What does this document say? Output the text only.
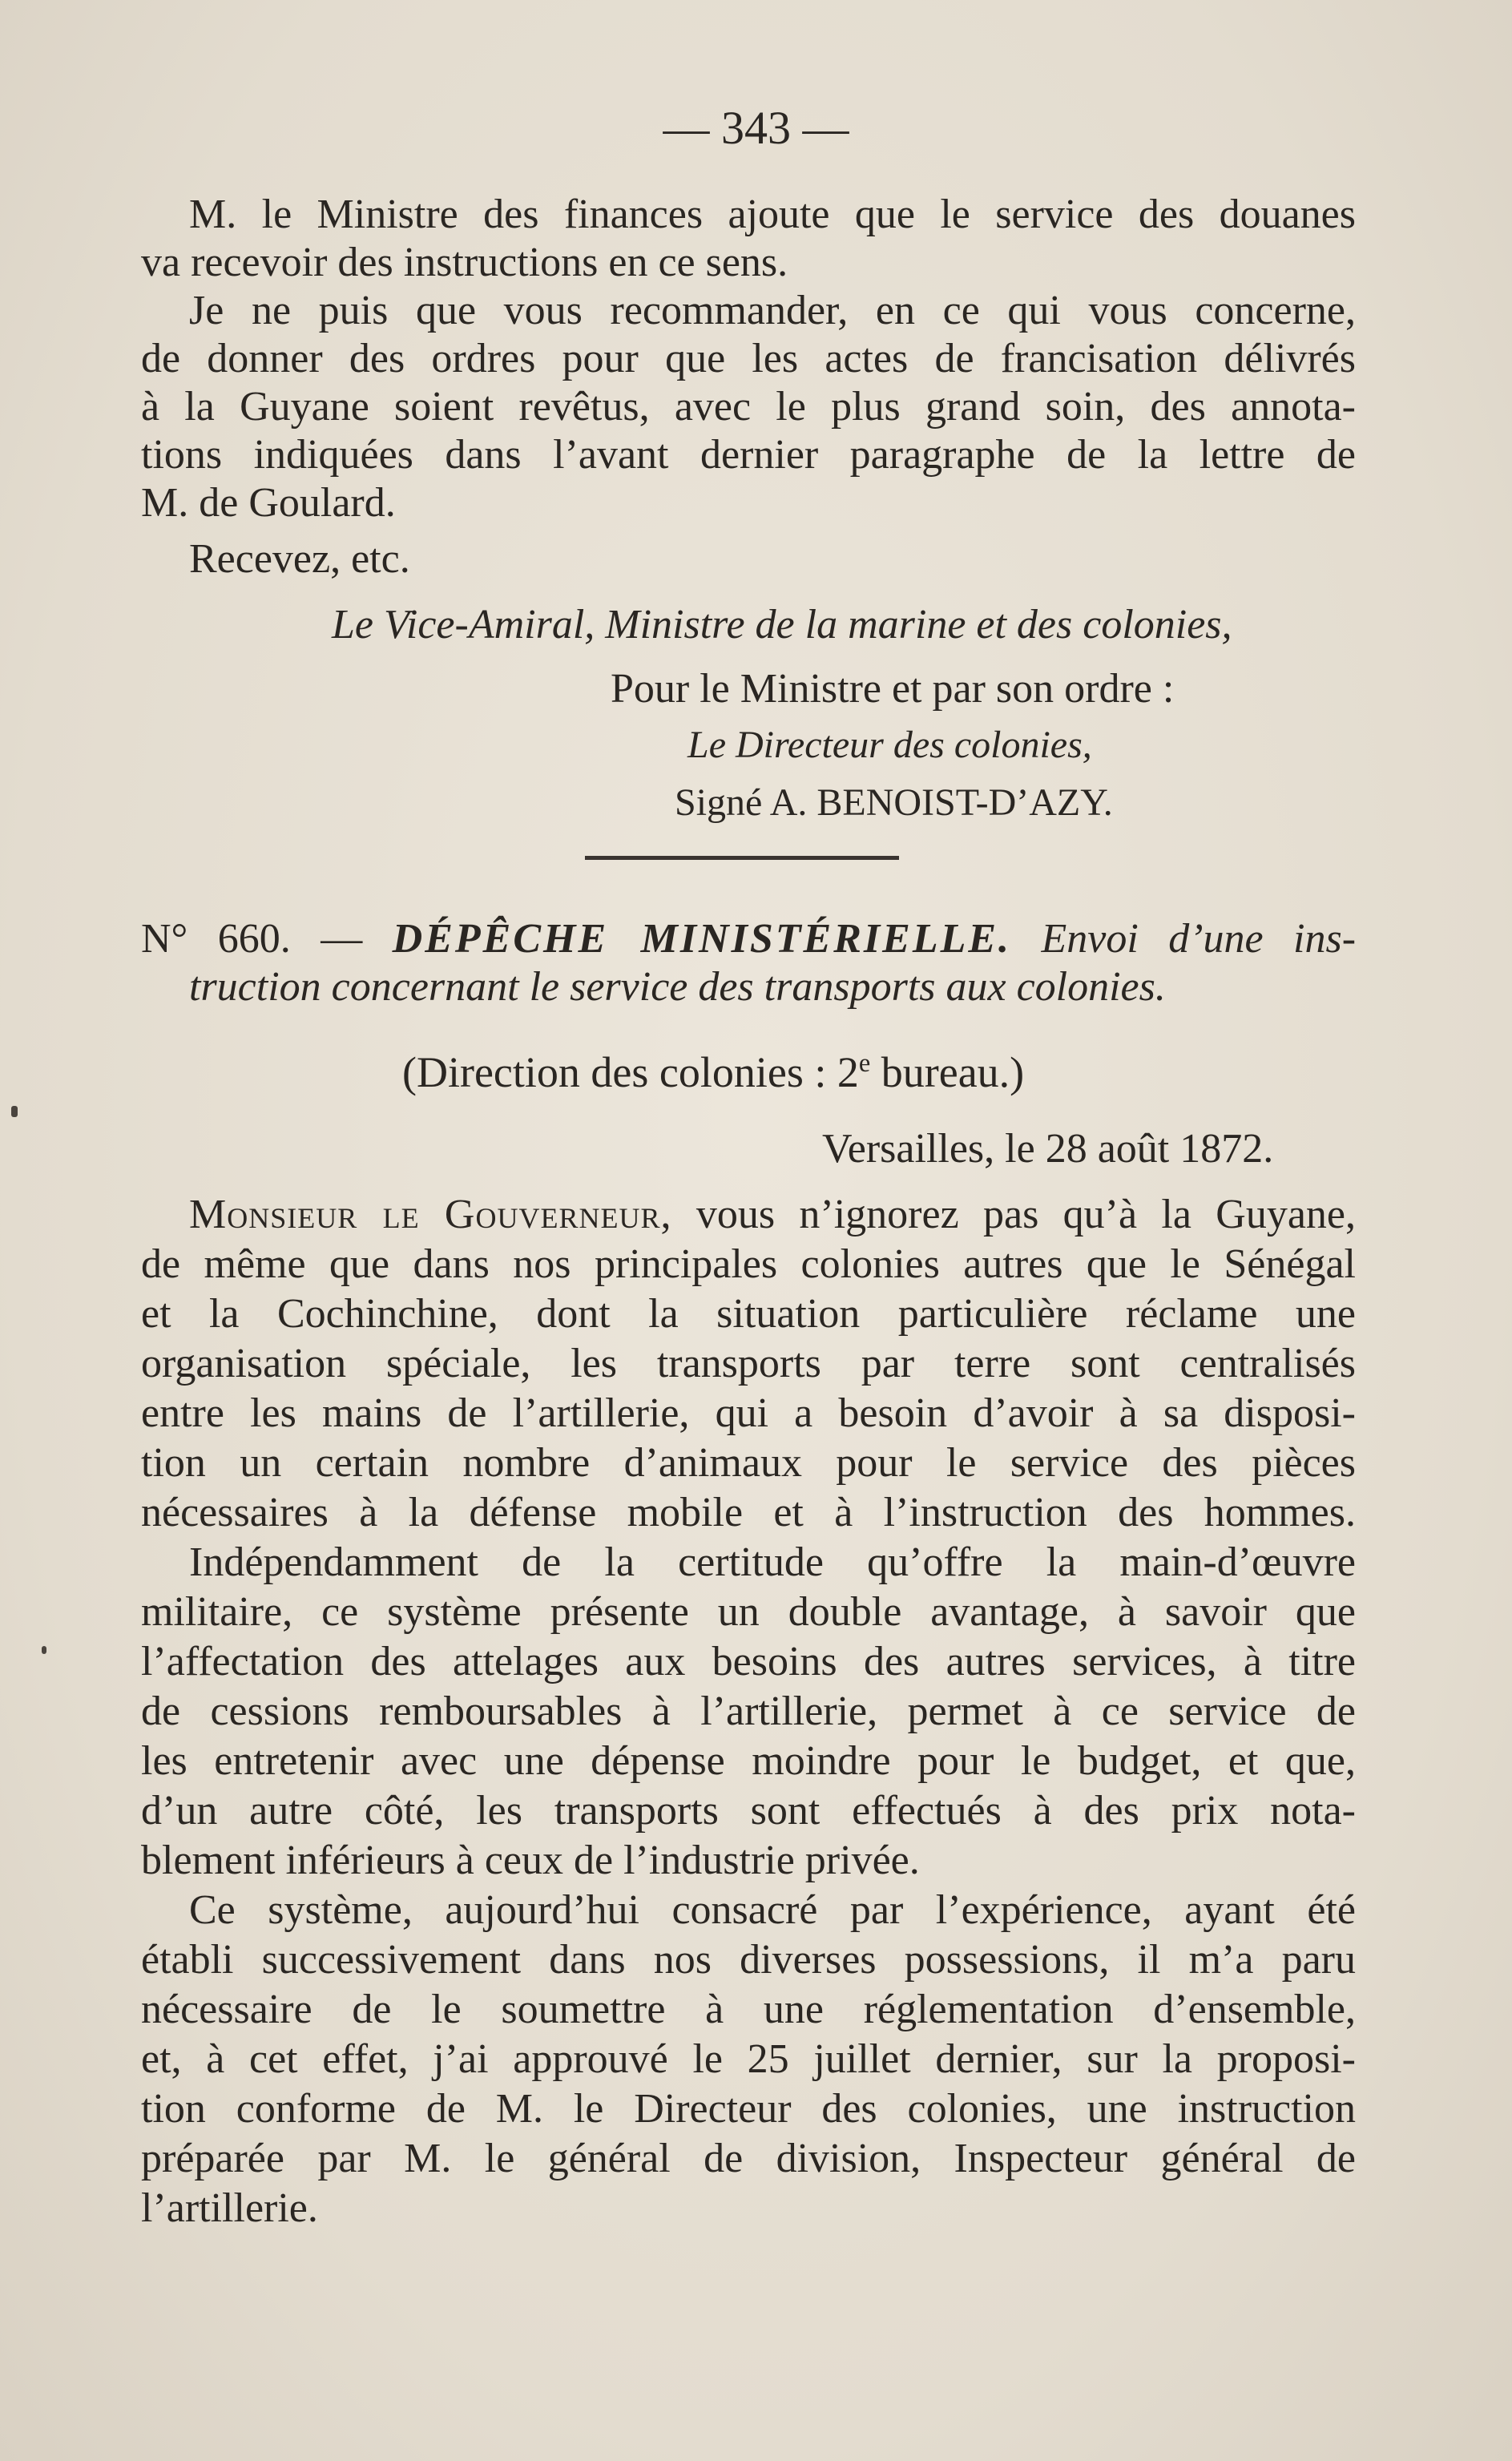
— 343 —
M. le Ministre des finances ajoute que le service des douanes
va recevoir des instructions en ce sens.
Je ne puis que vous recommander, en ce qui vous concerne,
de donner des ordres pour que les actes de francisation délivrés
à la Guyane soient revêtus, avec le plus grand soin, des annota-
tions indiquées dans l’avant dernier paragraphe de la lettre de
M. de Goulard.
Recevez, etc.
Le Vice-Amiral, Ministre de la marine et des colonies,
Pour le Ministre et par son ordre :
Le Directeur des colonies,
Signé A. BENOIST-D’AZY.
N° 660. — DÉPÊCHE MINISTÉRIELLE. Envoi d’une ins-
truction concernant le service des transports aux colonies.
(Direction des colonies : 2e bureau.)
Versailles, le 28 août 1872.
Monsieur le Gouverneur, vous n’ignorez pas qu’à la Guyane,
de même que dans nos principales colonies autres que le Sénégal
et la Cochinchine, dont la situation particulière réclame une
organisation spéciale, les transports par terre sont centralisés
entre les mains de l’artillerie, qui a besoin d’avoir à sa disposi-
tion un certain nombre d’animaux pour le service des pièces
nécessaires à la défense mobile et à l’instruction des hommes.
Indépendamment de la certitude qu’offre la main-d’œuvre
militaire, ce système présente un double avantage, à savoir que
l’affectation des attelages aux besoins des autres services, à titre
de cessions remboursables à l’artillerie, permet à ce service de
les entretenir avec une dépense moindre pour le budget, et que,
d’un autre côté, les transports sont effectués à des prix nota-
blement inférieurs à ceux de l’industrie privée.
Ce système, aujourd’hui consacré par l’expérience, ayant été
établi successivement dans nos diverses possessions, il m’a paru
nécessaire de le soumettre à une réglementation d’ensemble,
et, à cet effet, j’ai approuvé le 25 juillet dernier, sur la proposi-
tion conforme de M. le Directeur des colonies, une instruction
préparée par M. le général de division, Inspecteur général de
l’artillerie.
